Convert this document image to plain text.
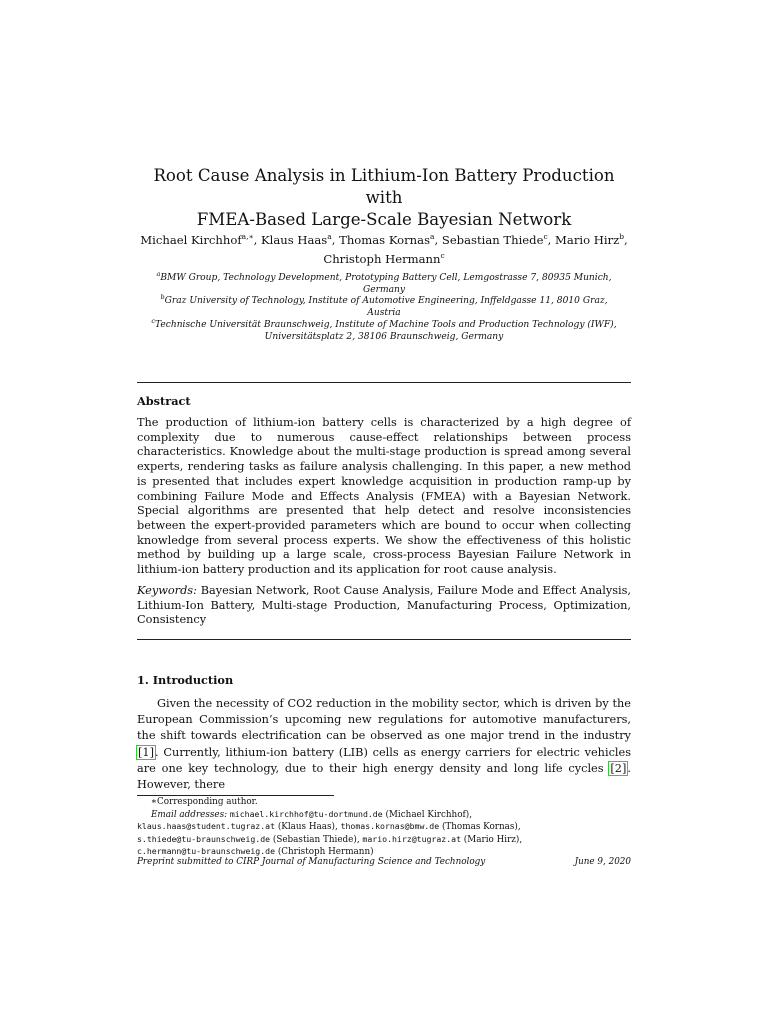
Root Cause Analysis in Lithium-Ion Battery Production with
FMEA-Based Large-Scale Bayesian Network
Michael Kirchhof$^{a,∗}$, Klaus Haas$^a$, Thomas Kornas$^a$, Sebastian Thiede$^c$, Mario Hirz$^b$,
Christoph Hermann$^c$
$^a$BMW Group, Technology Development, Prototyping Battery Cell, Lemgostrasse 7, 80935 Munich,
Germany
$^b$Graz University of Technology, Institute of Automotive Engineering, Inffeldgasse 11, 8010 Graz,
Austria
$^c$Technische Universität Braunschweig, Institute of Machine Tools and Production Technology (IWF),
Universitätsplatz 2, 38106 Braunschweig, Germany
Abstract
The production of lithium-ion battery cells is characterized by a high degree of complexity due to numerous cause-effect relationships between process characteristics. Knowledge about the multi-stage production is spread among several experts, rendering tasks as failure analysis challenging. In this paper, a new method is presented that includes expert knowledge acquisition in production ramp-up by combining Failure Mode and Effects Analysis (FMEA) with a Bayesian Network. Special algorithms are presented that help detect and resolve inconsistencies between the expert-provided parameters which are bound to occur when collecting knowledge from several process experts. We show the effectiveness of this holistic method by building up a large scale, cross-process Bayesian Failure Network in lithium-ion battery production and its application for root cause analysis.
Keywords: Bayesian Network, Root Cause Analysis, Failure Mode and Effect Analysis, Lithium-Ion Battery, Multi-stage Production, Manufacturing Process, Optimization, Consistency
1. Introduction
Given the necessity of CO2 reduction in the mobility sector, which is driven by the European Commission’s upcoming new regulations for automotive manufacturers, the shift towards electrification can be observed as one major trend in the industry [1]. Currently, lithium-ion battery (LIB) cells as energy carriers for electric vehicles are one key technology, due to their high energy density and long life cycles [2]. However, there
∗Corresponding author.
Email addresses: michael.kirchhof@tu-dortmund.de (Michael Kirchhof),
klaus.haas@student.tugraz.at (Klaus Haas), thomas.kornas@bmw.de (Thomas Kornas),
s.thiede@tu-braunschweig.de (Sebastian Thiede), mario.hirz@tugraz.at (Mario Hirz),
c.hermann@tu-braunschweig.de (Christoph Hermann)
Preprint submitted to CIRP Journal of Manufacturing Science and Technology	June 9, 2020
